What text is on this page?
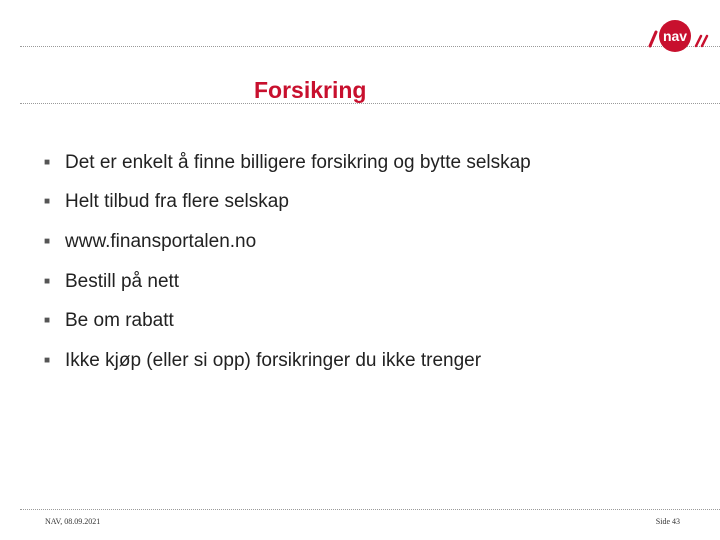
nav
Forsikring
■ Det er enkelt å finne billigere forsikring og bytte selskap
■ Helt tilbud fra flere selskap
■ www.finansportalen.no
■ Bestill på nett
■ Be om rabatt
■ Ikke kjøp (eller si opp) forsikringer du ikke trenger
NAV, 08.09.2021	Side 43
